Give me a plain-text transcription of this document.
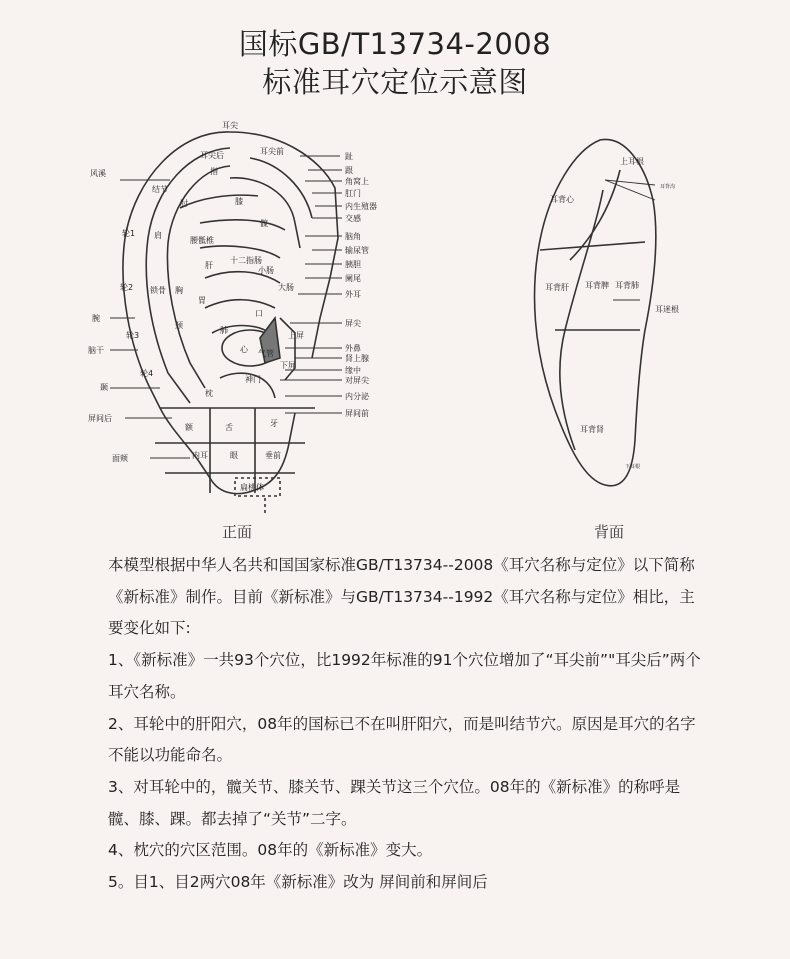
国标GB/T13734-2008
标准耳穴定位示意图
耳尖
风溪
轮1
轮2
腕
轮3
脑干
轮4
颞
屏间后
面颊
趾
跟
角窝上
肛门
内生殖器
交感
脑角
输尿管
胰胆
阑尾
外耳
屏尖
外鼻
肾上腺
缘中
对屏尖
内分泌
屏间前
耳尖后	耳尖前
结节
指
肘
肩
锁骨
膝
髋
腰骶椎
胸
颈
肝
胃
十二指肠
小肠
大肠
心 气管
肺
口
上屏
下屏
枕
额	舌	牙
眼
内耳	垂前
扁桃体
神门
上耳根
耳背心
耳背肺
耳背脾
耳背肝
耳迷根
耳背肾
下耳根
耳背沟
正面	背面

本模型根据中华人名共和国国家标准GB/T13734--2008《耳穴名称与定位》以下简称《新标准》制作。目前《新标准》与GB/T13734--1992《耳穴名称与定位》相比，主要变化如下:

1、《新标准》一共93个穴位，比1992年标准的91个穴位增加了“耳尖前”"耳尖后”两个耳穴名称。

2、耳轮中的肝阳穴，08年的国标已不在叫肝阳穴，而是叫结节穴。原因是耳穴的名字不能以功能命名。

3、对耳轮中的，髋关节、膝关节、踝关节这三个穴位。08年的《新标准》的称呼是髋、膝、踝。都去掉了“关节”二字。

4、枕穴的穴区范围。08年的《新标准》变大。

5。目1、目2两穴08年《新标准》改为 屏间前和屏间后
